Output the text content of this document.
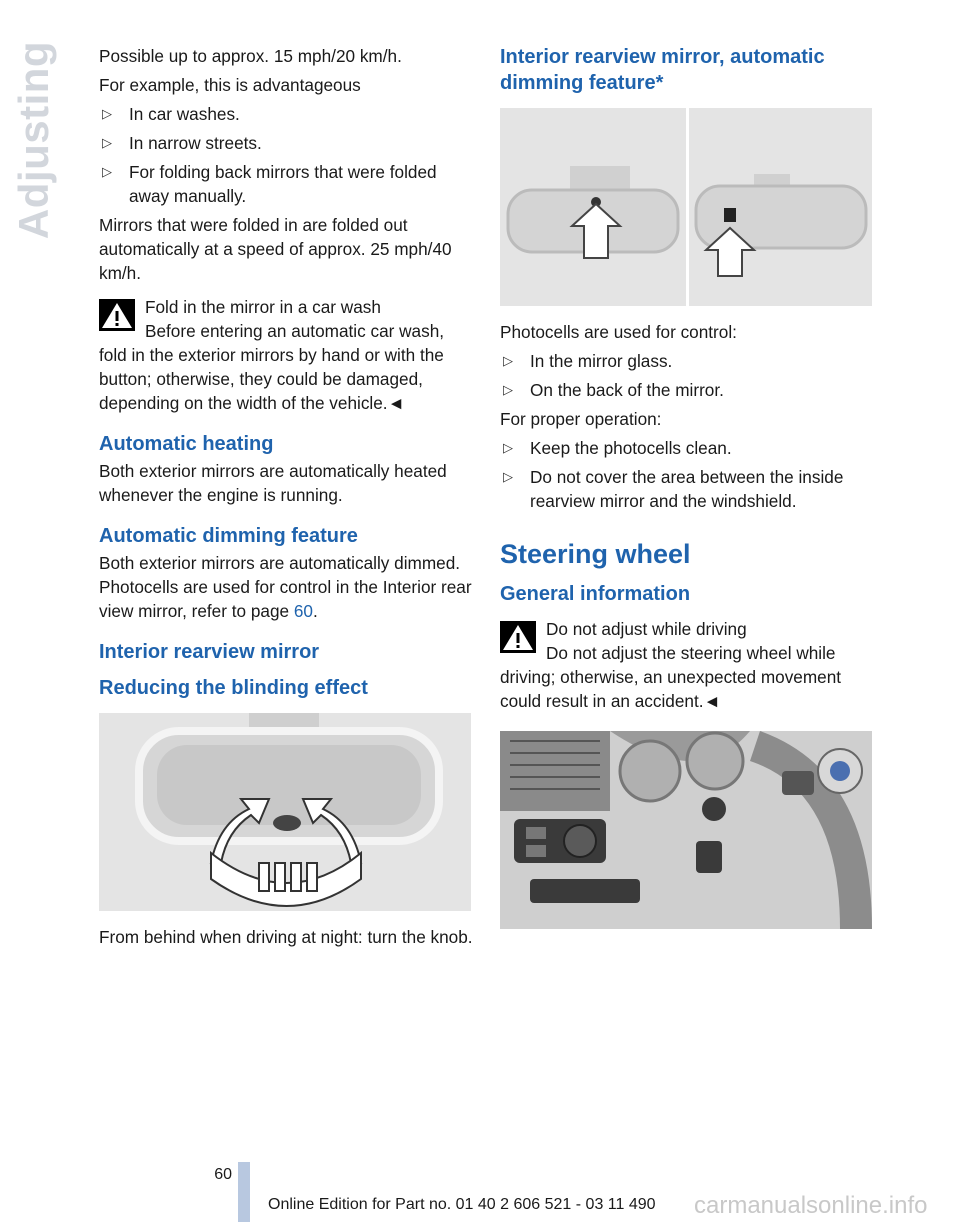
Adjusting Possible up to approx. 15 mph/20 km/h.

For example, this is advantageous

▷ In car washes.
▷ In narrow streets.
▷ For folding back mirrors that were folded away manually.

Mirrors that were folded in are folded out automatically at a speed of approx. 25 mph/40 km/h.

Fold in the mirror in a car wash
Before entering an automatic car wash, fold in the exterior mirrors by hand or with the button; otherwise, they could be damaged, depending on the width of the vehicle.◄
Automatic heating

Both exterior mirrors are automatically heated whenever the engine is running.

Automatic dimming feature

Both exterior mirrors are automatically dimmed. Photocells are used for control in the Interior rear view mirror, refer to page 60.

Interior rearview mirror
Reducing the blinding effect

From behind when driving at night: turn the knob.

Interior rearview mirror, automatic dimming feature*

Photocells are used for control:

▷ In the mirror glass.
▷ On the back of the mirror.

For proper operation:

▷ Keep the photocells clean.
▷ Do not cover the area between the inside rearview mirror and the windshield.
Steering wheel
General information
Do not adjust while driving
Do not adjust the steering wheel while driving; otherwise, an unexpected movement could result in an accident.◄
60
Online Edition for Part no. 01 40 2 606 521 - 03 11 490 carmanualsonline.info
